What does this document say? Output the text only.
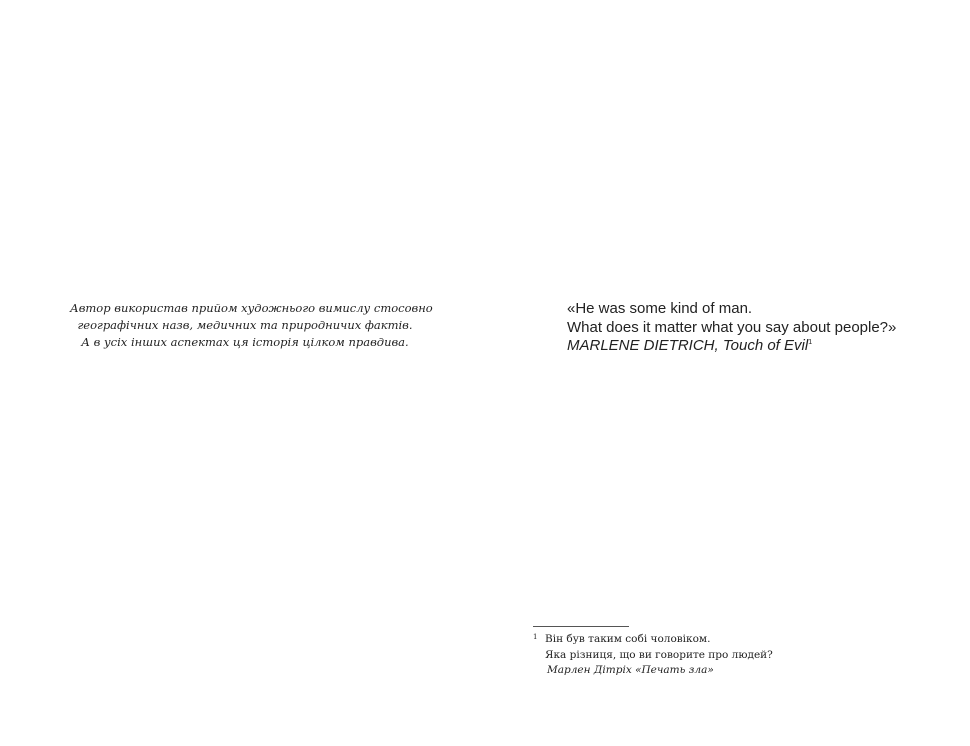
Автор використав прийом художнього вимислу стосовно
географічних назв, медичних та природничих фактів.
А в усіх інших аспектах ця історія цілком правдива.
«He was some kind of man.
What does it matter what you say about people?»
MARLENE DIETRICH, Touch of Evil$^1$
1 Він був таким собі чоловіком.
Яка різниця, що ви говорите про людей?
Марлен Дітріх «Печать зла»
